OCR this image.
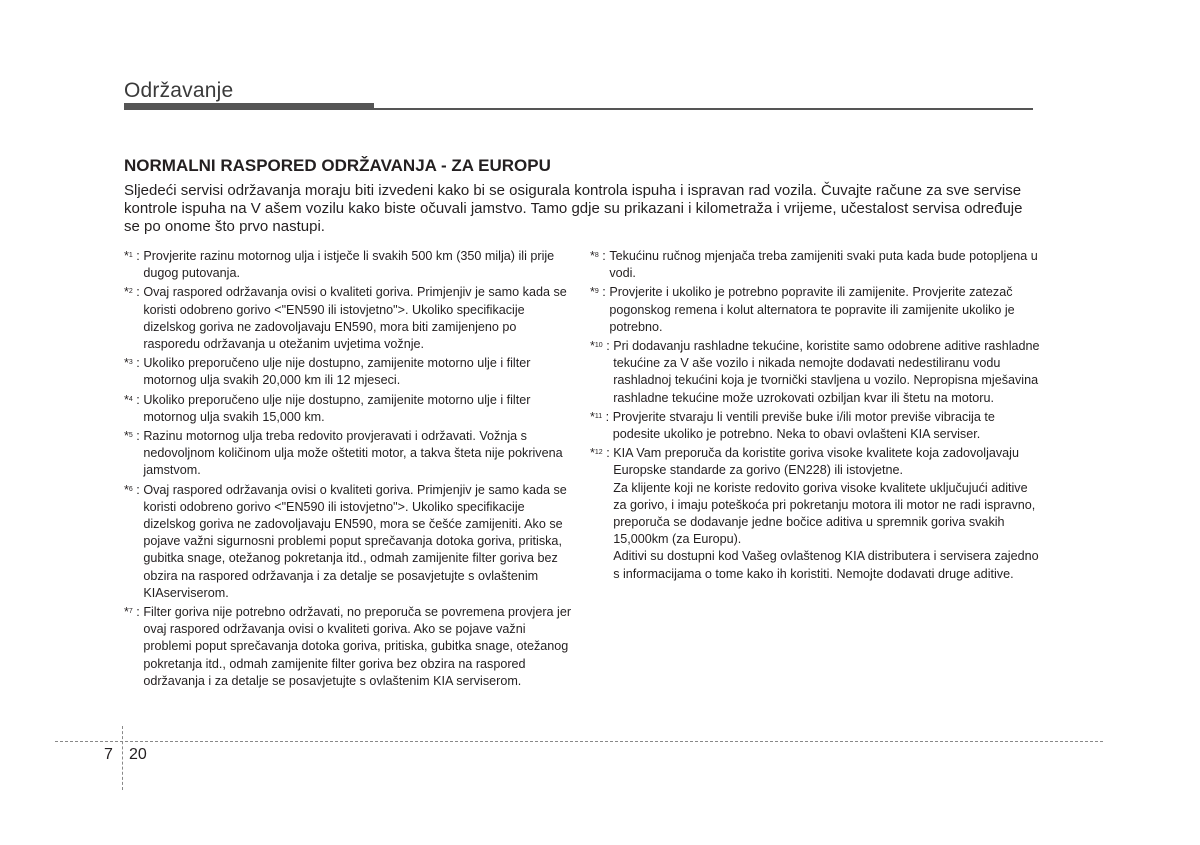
Održavanje
NORMALNI RASPORED ODRŽAVANJA - ZA EUROPU

Sljedeći servisi održavanja moraju biti izvedeni kako bi se osigurala kontrola ispuha i ispravan rad vozila. Čuvajte račune za sve servise kontrole ispuha na V ašem vozilu kako biste očuvali jamstvo. Tamo gdje su prikazani i kilometraža i vrijeme, učestalost servisa određuje se po onome što prvo nastupi.

*$^1$ : Provjerite razinu motornog ulja i istječe li svakih 500 km (350 milja) ili prije dugog putovanja.

*$^2$ : Ovaj raspored održavanja ovisi o kvaliteti goriva. Primjenjiv je samo kada se koristi odobreno gorivo <"EN590 ili istovjetno">. Ukoliko specifikacije dizelskog goriva ne zadovoljavaju EN590, mora biti zamijenjeno po rasporedu održavanja u otežanim uvjetima vožnje.

*$^3$ : Ukoliko preporučeno ulje nije dostupno, zamijenite motorno ulje i filter motornog ulja svakih 20,000 km ili 12 mjeseci.

*$^4$ : Ukoliko preporučeno ulje nije dostupno, zamijenite motorno ulje i filter motornog ulja svakih 15,000 km.

*$^5$ : Razinu motornog ulja treba redovito provjeravati i održavati. Vožnja s nedovoljnom količinom ulja može oštetiti motor, a takva šteta nije pokrivena jamstvom.

*$^6$ : Ovaj raspored održavanja ovisi o kvaliteti goriva. Primjenjiv je samo kada se koristi odobreno gorivo <"EN590 ili istovjetno">. Ukoliko specifikacije dizelskog goriva ne zadovoljavaju EN590, mora se češće zamijeniti. Ako se pojave važni sigurnosni problemi poput sprečavanja dotoka goriva, pritiska, gubitka snage, otežanog pokretanja itd., odmah zamijenite filter goriva bez obzira na raspored održavanja i za detalje se posavjetujte s ovlaštenim KIAserviserom.

*$^7$ : Filter goriva nije potrebno održavati, no preporuča se povremena provjera jer ovaj raspored održavanja ovisi o kvaliteti goriva. Ako se pojave važni problemi poput sprečavanja dotoka goriva, pritiska, gubitka snage, otežanog pokretanja itd., odmah zamijenite filter goriva bez obzira na raspored održavanja i za detalje se posavjetujte s ovlaštenim KIA serviserom.

*$^8$ : Tekućinu ručnog mjenjača treba zamijeniti svaki puta kada bude potopljena u vodi.

*$^9$ : Provjerite i ukoliko je potrebno popravite ili zamijenite. Provjerite zatezač pogonskog remena i kolut alternatora te popravite ili zamijenite ukoliko je potrebno.

*$^{10}$ : Pri dodavanju rashladne tekućine, koristite samo odobrene aditive rashladne tekućine za V aše vozilo i nikada nemojte dodavati nedestiliranu vodu rashladnoj tekućini koja je tvornički stavljena u vozilo. Nepropisna mješavina rashladne tekućine može uzrokovati ozbiljan kvar ili štetu na motoru.

*$^{11}$ : Provjerite stvaraju li ventili previše buke i/ili motor previše vibracija te podesite ukoliko je potrebno. Neka to obavi ovlašteni KIA serviser.

*$^{12}$ : KIA Vam preporuča da koristite goriva visoke kvalitete koja zadovoljavaju Europske standarde za gorivo (EN228) ili istovjetne.

Za klijente koji ne koriste redovito goriva visoke kvalitete uključujući aditive za gorivo, i imaju poteškoća pri pokretanju motora ili motor ne radi ispravno, preporuča se dodavanje jedne bočice aditiva u spremnik goriva svakih 15,000km (za Europu).

Aditivi su dostupni kod Vašeg ovlaštenog KIA distributera i servisera zajedno s informacijama o tome kako ih koristiti. Nemojte dodavati druge aditive.

7 20
